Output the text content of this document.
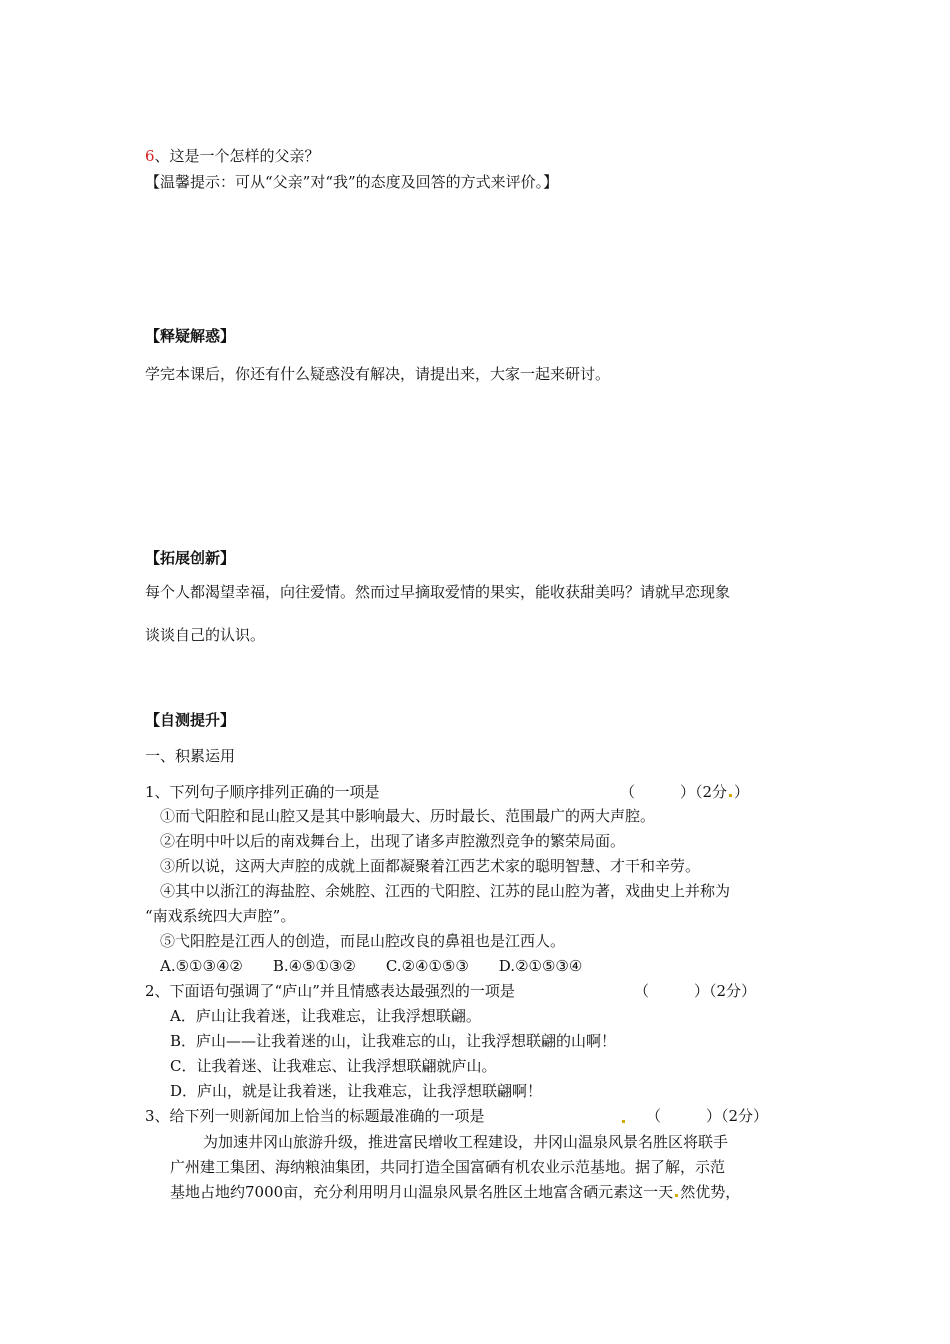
6、这是一个怎样的父亲？
【温馨提示：可从“父亲”对“我”的态度及回答的方式来评价。】
【释疑解惑】
学完本课后，你还有什么疑惑没有解决，请提出来，大家一起来研讨。
【拓展创新】
每个人都渴望幸福，向往爱情。然而过早摘取爱情的果实，能收获甜美吗？请就早恋现象
谈谈自己的认识。
【自测提升】
一、积累运用
1、下列句子顺序排列正确的一项是	（　　　）（2分 ）
①而弋阳腔和昆山腔又是其中影响最大、历时最长、范围最广的两大声腔。
②在明中叶以后的南戏舞台上，出现了诸多声腔激烈竞争的繁荣局面。
③所以说，这两大声腔的成就上面都凝聚着江西艺术家的聪明智慧、才干和辛劳。
④其中以浙江的海盐腔、余姚腔、江西的弋阳腔、江苏的昆山腔为著，戏曲史上并称为
“南戏系统四大声腔”。
⑤弋阳腔是江西人的创造，而昆山腔改良的鼻祖也是江西人。
A.⑤①③④②　　B.④⑤①③②　　C.②④①⑤③　　D.②①⑤③④
2、下面语句强调了“庐山”并且情感表达最强烈的一项是	（　　　）（2分）
A．庐山让我着迷，让我难忘，让我浮想联翩。
B．庐山——让我着迷的山，让我难忘的山，让我浮想联翩的山啊！
C．让我着迷、让我难忘、让我浮想联翩就庐山。
D．庐山，就是让我着迷，让我难忘，让我浮想联翩啊！
3、给下列一则新闻加上恰当的标题最准确的一项是	（　　　）（2分）
为加速井冈山旅游升级，推进富民增收工程建设，井冈山温泉风景名胜区将联手
广州建工集团、海纳粮油集团，共同打造全国富硒有机农业示范基地。据了解，示范
基地占地约7000亩，充分利用明月山温泉风景名胜区土地富含硒元素这一天 然优势，
